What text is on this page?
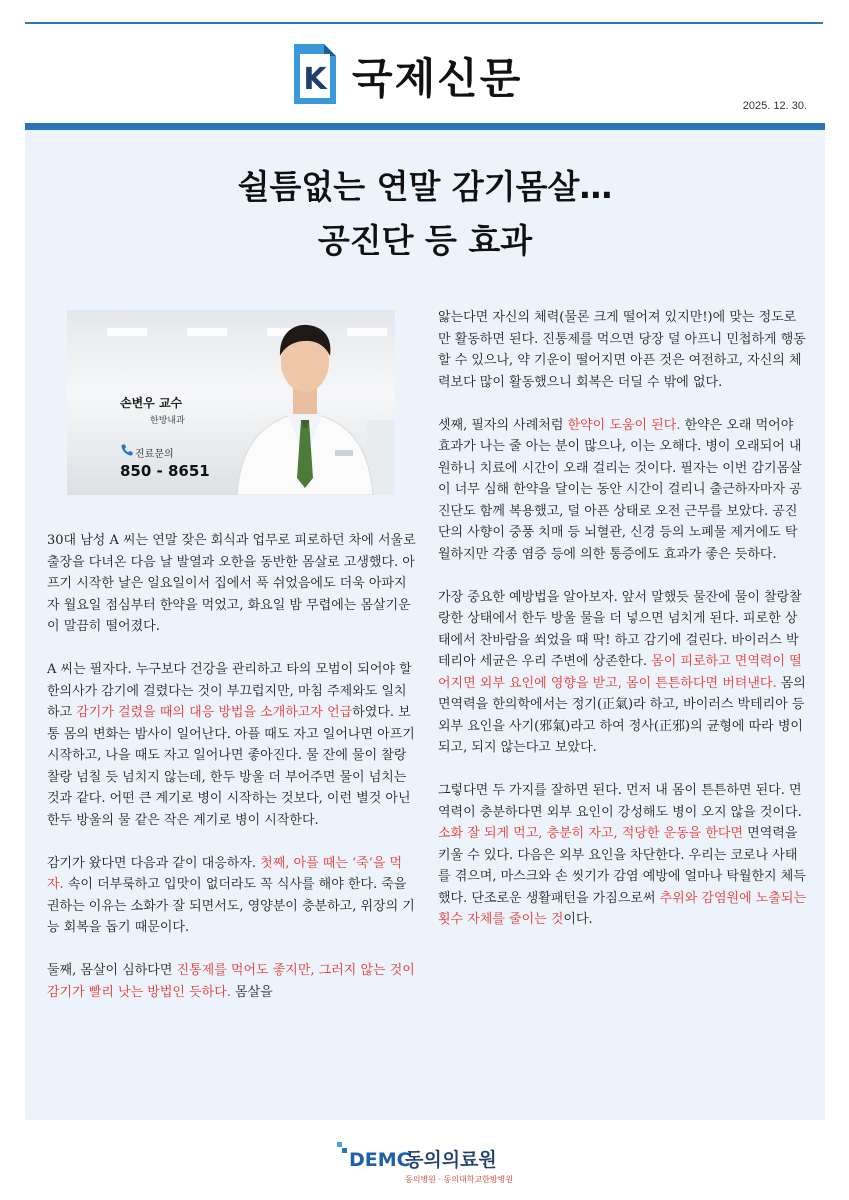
K 국제신문
2025. 12. 30.
쉴틈없는 연말 감기몸살…
공진단 등 효과
손변우 교수
한방내과
진료문의
850 - 8651

30대 남성 A 씨는 연말 잦은 회식과 업무로 피로하던 차에 서울로 출장을 다녀온 다음 날 발열과 오한을 동반한 몸살로 고생했다. 아프기 시작한 날은 일요일이서 집에서 푹 쉬었음에도 더욱 아파지자 월요일 점심부터 한약을 먹었고, 화요일 밤 무렵에는 몸살기운이 말끔히 떨어졌다.

A 씨는 필자다. 누구보다 건강을 관리하고 타의 모범이 되어야 할 한의사가 감기에 걸렸다는 것이 부끄럽지만, 마침 주제와도 일치하고 감기가 걸렸을 때의 대응 방법을 소개하고자 언급하였다. 보통 몸의 변화는 밤사이 일어난다. 아플 때도 자고 일어나면 아프기 시작하고, 나을 때도 자고 일어나면 좋아진다. 물 잔에 물이 찰랑찰랑 넘칠 듯 넘치지 않는데, 한두 방울 더 부어주면 물이 넘치는 것과 같다. 어떤 큰 계기로 병이 시작하는 것보다, 이런 별것 아닌 한두 방울의 물 같은 작은 계기로 병이 시작한다.

감기가 왔다면 다음과 같이 대응하자. 첫째, 아플 때는 ‘죽’을 먹자. 속이 더부룩하고 입맛이 없더라도 꼭 식사를 해야 한다. 죽을 권하는 이유는 소화가 잘 되면서도, 영양분이 충분하고, 위장의 기능 회복을 돕기 때문이다.

둘째, 몸살이 심하다면 진통제를 먹어도 좋지만, 그러지 않는 것이 감기가 빨리 낫는 방법인 듯하다. 몸살을

앓는다면 자신의 체력(물론 크게 떨어져 있지만!)에 맞는 정도로만 활동하면 된다. 진통제를 먹으면 당장 덜 아프니 민첩하게 행동할 수 있으나, 약 기운이 떨어지면 아픈 것은 여전하고, 자신의 체력보다 많이 활동했으니 회복은 더딜 수 밖에 없다.

셋째, 필자의 사례처럼 한약이 도움이 된다. 한약은 오래 먹어야 효과가 나는 줄 아는 분이 많으나, 이는 오해다. 병이 오래되어 내원하니 치료에 시간이 오래 걸리는 것이다. 필자는 이번 감기몸살이 너무 심해 한약을 달이는 동안 시간이 걸리니 출근하자마자 공진단도 함께 복용했고, 덜 아픈 상태로 오전 근무를 보았다. 공진단의 사향이 중풍 치매 등 뇌혈관, 신경 등의 노폐물 제거에도 탁월하지만 각종 염증 등에 의한 통증에도 효과가 좋은 듯하다.

가장 중요한 예방법을 알아보자. 앞서 말했듯 물잔에 물이 찰랑찰랑한 상태에서 한두 방울 물을 더 넣으면 넘치게 된다. 피로한 상태에서 찬바람을 쐬었을 때 딱! 하고 감기에 걸린다. 바이러스 박테리아 세균은 우리 주변에 상존한다. 몸이 피로하고 면역력이 떨어지면 외부 요인에 영향을 받고, 몸이 튼튼하다면 버텨낸다. 몸의 면역력을 한의학에서는 정기(正氣)라 하고, 바이러스 박테리아 등 외부 요인을 사기(邪氣)라고 하여 정사(正邪)의 균형에 따라 병이 되고, 되지 않는다고 보았다.

그렇다면 두 가지를 잘하면 된다. 먼저 내 몸이 튼튼하면 된다. 면역력이 충분하다면 외부 요인이 강성해도 병이 오지 않을 것이다. 소화 잘 되게 먹고, 충분히 자고, 적당한 운동을 한다면 면역력을 키울 수 있다. 다음은 외부 요인을 차단한다. 우리는 코로나 사태를 겪으며, 마스크와 손 씻기가 감염 예방에 얼마나 탁월한지 체득했다. 단조로운 생활패턴을 가짐으로써 추위와 감염원에 노출되는 횟수 자체를 줄이는 것이다.

DEMC
동의의료원
동의병원 · 동의대학교한방병원
